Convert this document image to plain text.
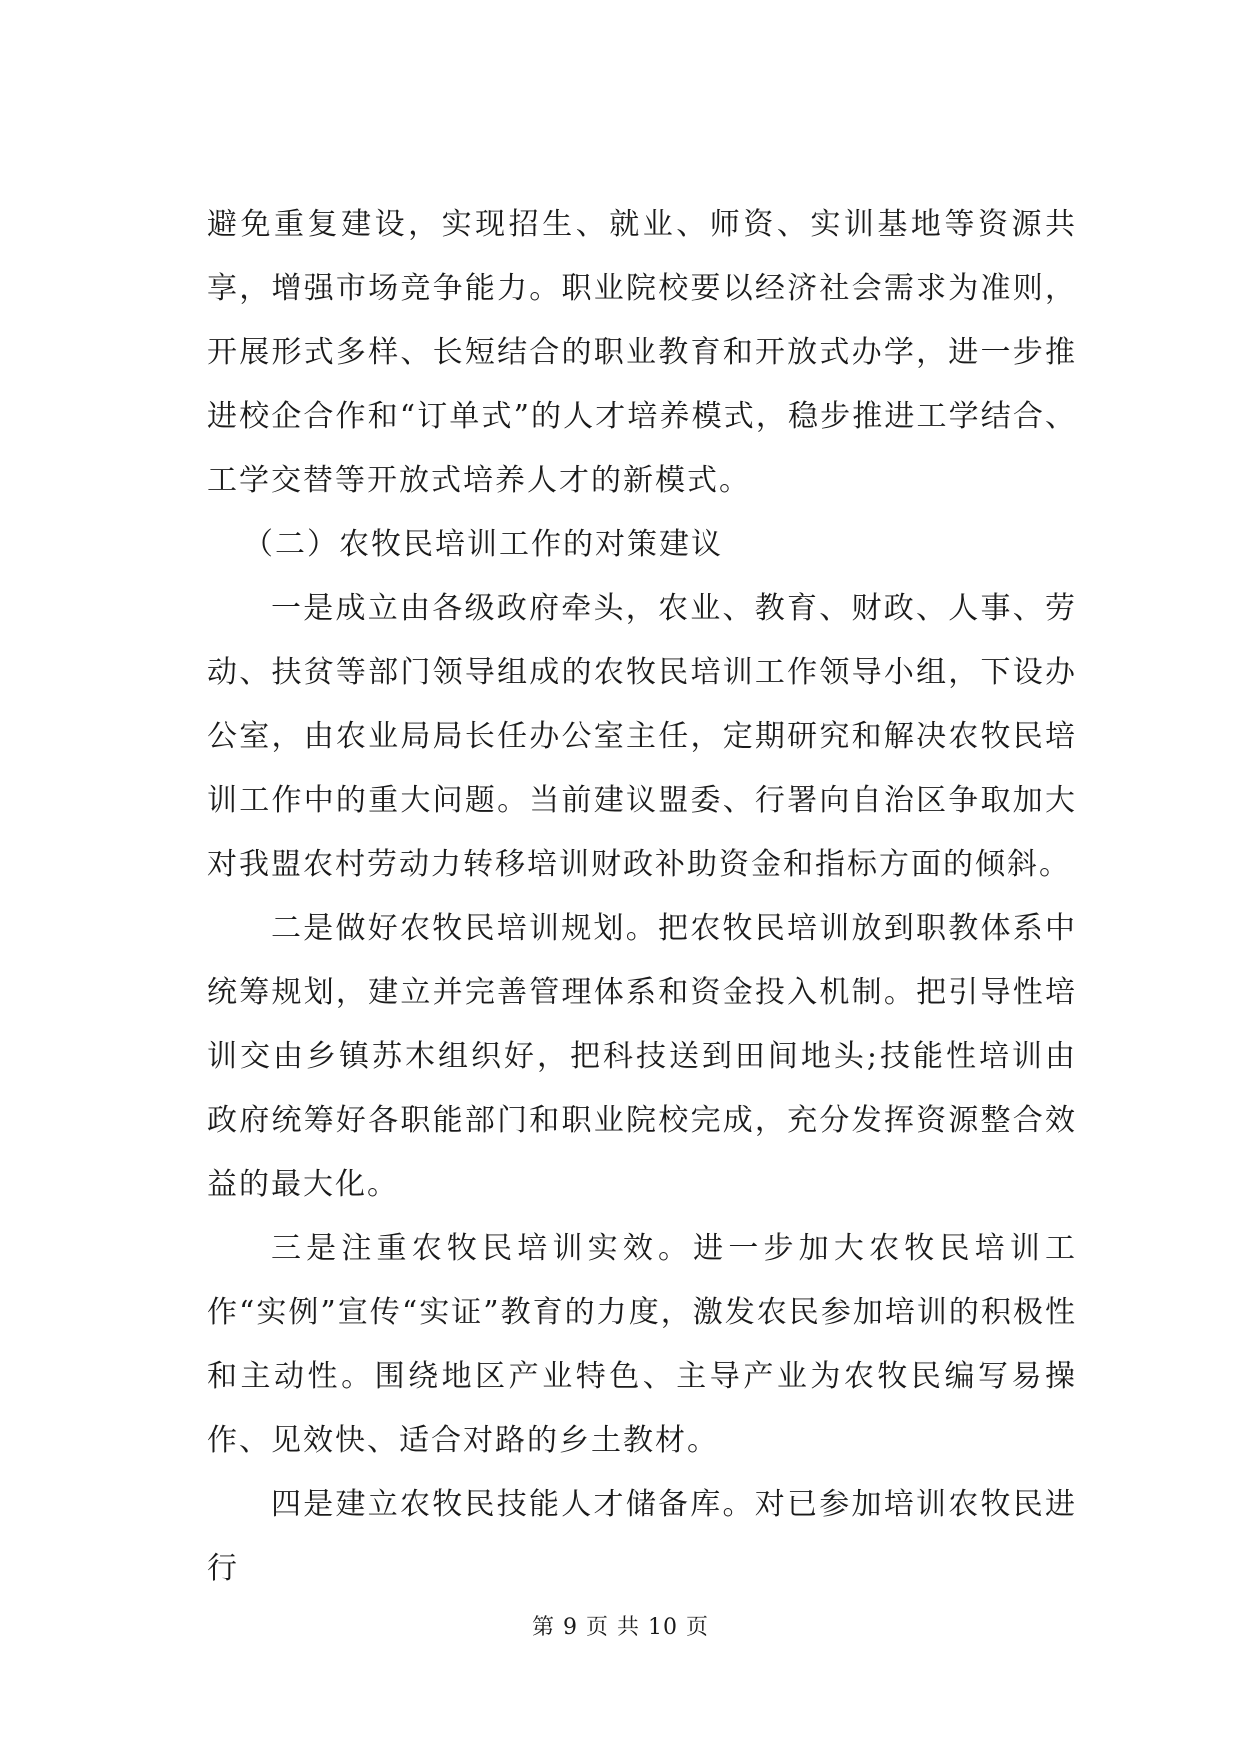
避免重复建设，实现招生、就业、师资、实训基地等资源共享，增强市场竞争能力。职业院校要以经济社会需求为准则，开展形式多样、长短结合的职业教育和开放式办学，进一步推进校企合作和“订单式”的人才培养模式，稳步推进工学结合、工学交替等开放式培养人才的新模式。

（二）农牧民培训工作的对策建议

一是成立由各级政府牵头，农业、教育、财政、人事、劳动、扶贫等部门领导组成的农牧民培训工作领导小组，下设办公室，由农业局局长任办公室主任，定期研究和解决农牧民培训工作中的重大问题。当前建议盟委、行署向自治区争取加大对我盟农村劳动力转移培训财政补助资金和指标方面的倾斜。

二是做好农牧民培训规划。把农牧民培训放到职教体系中统筹规划，建立并完善管理体系和资金投入机制。把引导性培训交由乡镇苏木组织好，把科技送到田间地头;技能性培训由政府统筹好各职能部门和职业院校完成，充分发挥资源整合效益的最大化。

三是注重农牧民培训实效。进一步加大农牧民培训工作“实例”宣传“实证”教育的力度，激发农民参加培训的积极性和主动性。围绕地区产业特色、主导产业为农牧民编写易操作、见效快、适合对路的乡土教材。

四是建立农牧民技能人才储备库。对已参加培训农牧民进行

第 9 页 共 10 页
